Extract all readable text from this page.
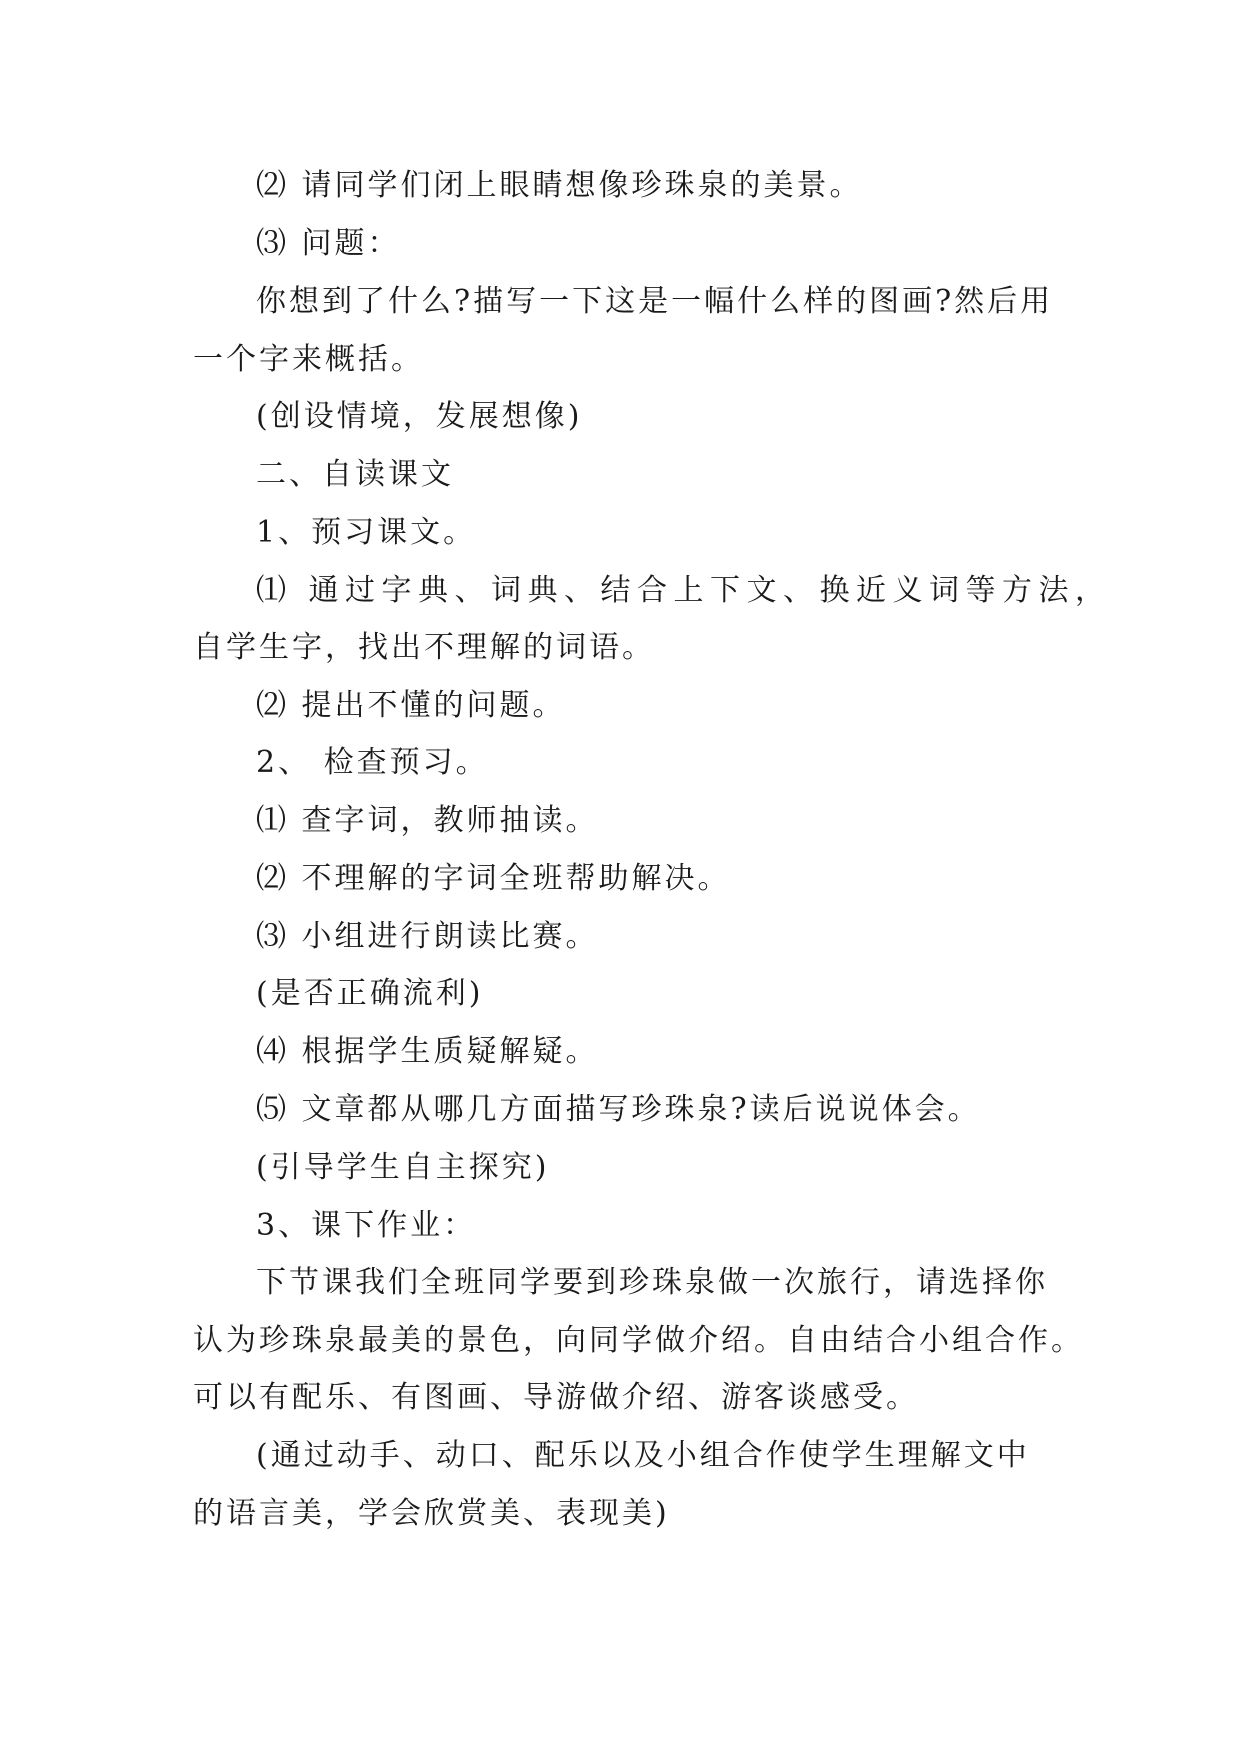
⑵ 请同学们闭上眼睛想像珍珠泉的美景。
⑶ 问题：
你想到了什么?描写一下这是一幅什么样的图画?然后用
一个字来概括。
(创设情境，发展想像)
二、自读课文
1、预习课文。
⑴ 通过字典、词典、结合上下文、换近义词等方法，
自学生字，找出不理解的词语。
⑵ 提出不懂的问题。
2、 检查预习。
⑴ 查字词，教师抽读。
⑵ 不理解的字词全班帮助解决。
⑶ 小组进行朗读比赛。
(是否正确流利)
⑷ 根据学生质疑解疑。
⑸ 文章都从哪几方面描写珍珠泉?读后说说体会。
(引导学生自主探究)
3、课下作业：
下节课我们全班同学要到珍珠泉做一次旅行，请选择你
认为珍珠泉最美的景色，向同学做介绍。自由结合小组合作。
可以有配乐、有图画、导游做介绍、游客谈感受。
(通过动手、动口、配乐以及小组合作使学生理解文中
的语言美，学会欣赏美、表现美)
